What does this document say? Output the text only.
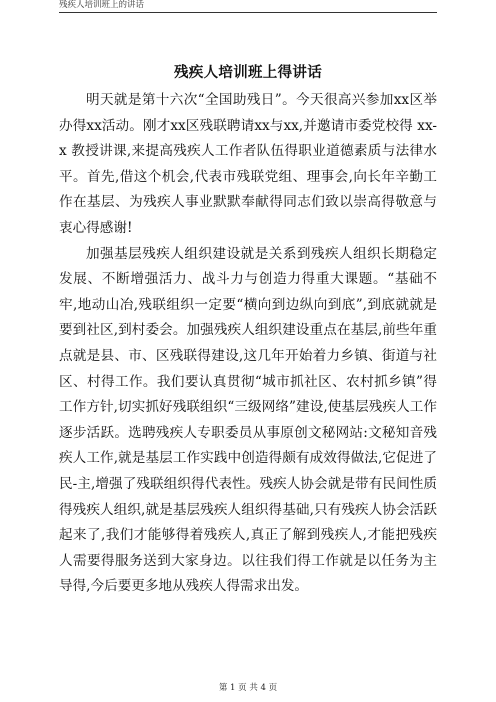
残疾人培训班上的讲话
残疾人培训班上得讲话

明天就是第十六次“全国助残日”。今天很高兴参加xx区举办得xx活动。刚才xx区残联聘请xx与xx,并邀请市委党校得 xx-x 教授讲课,来提高残疾人工作者队伍得职业道德素质与法律水平。首先,借这个机会,代表市残联党组、理事会,向长年辛勤工作在基层、为残疾人事业默默奉献得同志们致以崇高得敬意与衷心得感谢!

加强基层残疾人组织建设就是关系到残疾人组织长期稳定发展、不断增强活力、战斗力与创造力得重大课题。“基础不牢,地动山冶,残联组织一定要“横向到边纵向到底”,到底就就是要到社区,到村委会。加强残疾人组织建设重点在基层,前些年重点就是县、市、区残联得建设,这几年开始着力乡镇、街道与社区、村得工作。我们要认真贯彻“城市抓社区、农村抓乡镇”得工作方针,切实抓好残联组织“三级网络”建设,使基层残疾人工作逐步活跃。选聘残疾人专职委员从事原创文秘网站:文秘知音残疾人工作,就是基层工作实践中创造得颇有成效得做法,它促进了民-主,增强了残联组织得代表性。残疾人协会就是带有民间性质得残疾人组织,就是基层残疾人组织得基础,只有残疾人协会活跃起来了,我们才能够得着残疾人,真正了解到残疾人,才能把残疾人需要得服务送到大家身边。以往我们得工作就是以任务为主导得,今后要更多地从残疾人得需求出发。

第 1 页 共 4 页
